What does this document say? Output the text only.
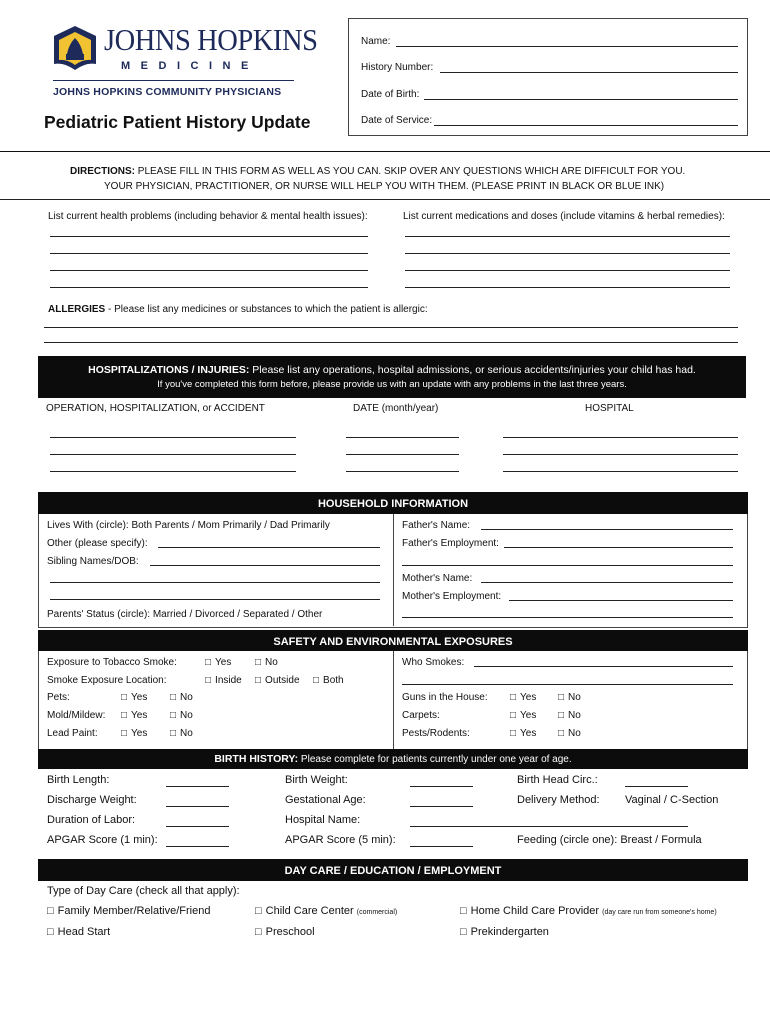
JOHNS HOPKINS
MEDICINE
JOHNS HOPKINS COMMUNITY PHYSICIANS
Pediatric Patient History Update
Name:
History Number:
Date of Birth:
Date of Service:
DIRECTIONS: PLEASE FILL IN THIS FORM AS WELL AS YOU CAN. SKIP OVER ANY QUESTIONS WHICH ARE DIFFICULT FOR YOU.
YOUR PHYSICIAN, PRACTITIONER, OR NURSE WILL HELP YOU WITH THEM. (PLEASE PRINT IN BLACK OR BLUE INK)
List current health problems (including behavior & mental health issues):	List current medications and doses (include vitamins & herbal remedies):
ALLERGIES - Please list any medicines or substances to which the patient is allergic:
HOSPITALIZATIONS / INJURIES: Please list any operations, hospital admissions, or serious accidents/injuries your child has had.
If you've completed this form before, please provide us with an update with any problems in the last three years.
OPERATION, HOSPITALIZATION, or ACCIDENT	DATE (month/year)	HOSPITAL
HOUSEHOLD INFORMATION
Lives With (circle): Both Parents / Mom Primarily / Dad Primarily
Other (please specify):
Sibling Names/DOB:
Parents' Status (circle): Married / Divorced / Separated / Other
Father's Name:
Father's Employment:
Mother's Name:
Mother's Employment:
SAFETY AND ENVIRONMENTAL EXPOSURES
Exposure to Tobacco Smoke:	□ Yes	□ No
Smoke Exposure Location:	□ Inside	□ Outside	□ Both
Pets:	□ Yes	□ No
Mold/Mildew:	□ Yes	□ No
Lead Paint:	□ Yes	□ No
Who Smokes:
Guns in the House:	□ Yes	□ No
Carpets:	□ Yes	□ No
Pests/Rodents:	□ Yes	□ No
BIRTH HISTORY: Please complete for patients currently under one year of age.
Birth Length:
Discharge Weight:
Duration of Labor:
APGAR Score (1 min):
Birth Weight:
Gestational Age:
Hospital Name:
APGAR Score (5 min):
Birth Head Circ.:
Delivery Method: Vaginal / C-Section
Feeding (circle one): Breast / Formula
DAY CARE / EDUCATION / EMPLOYMENT
Type of Day Care (check all that apply):
□ Family Member/Relative/Friend	□ Child Care Center (commercial)	□ Home Child Care Provider (day care run from someone's home)
□ Head Start	□ Preschool	□ Prekindergarten
